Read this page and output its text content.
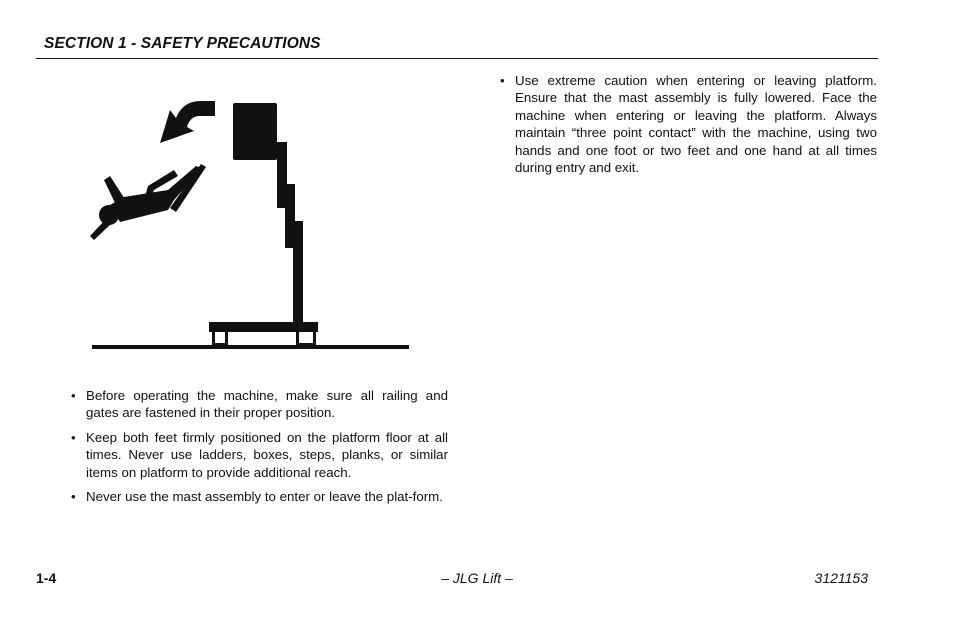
SECTION 1 - SAFETY PRECAUTIONS
• Before operating the machine, make sure all railing and gates are fastened in their proper position.
• Keep both feet firmly positioned on the platform floor at all times. Never use ladders, boxes, steps, planks, or similar items on platform to provide additional reach.
• Never use the mast assembly to enter or leave the plat-form.
• Use extreme caution when entering or leaving platform. Ensure that the mast assembly is fully lowered. Face the machine when entering or leaving the platform. Always maintain “three point contact” with the machine, using two hands and one foot or two feet and one hand at all times during entry and exit.
1-4	– JLG Lift –	3121153
